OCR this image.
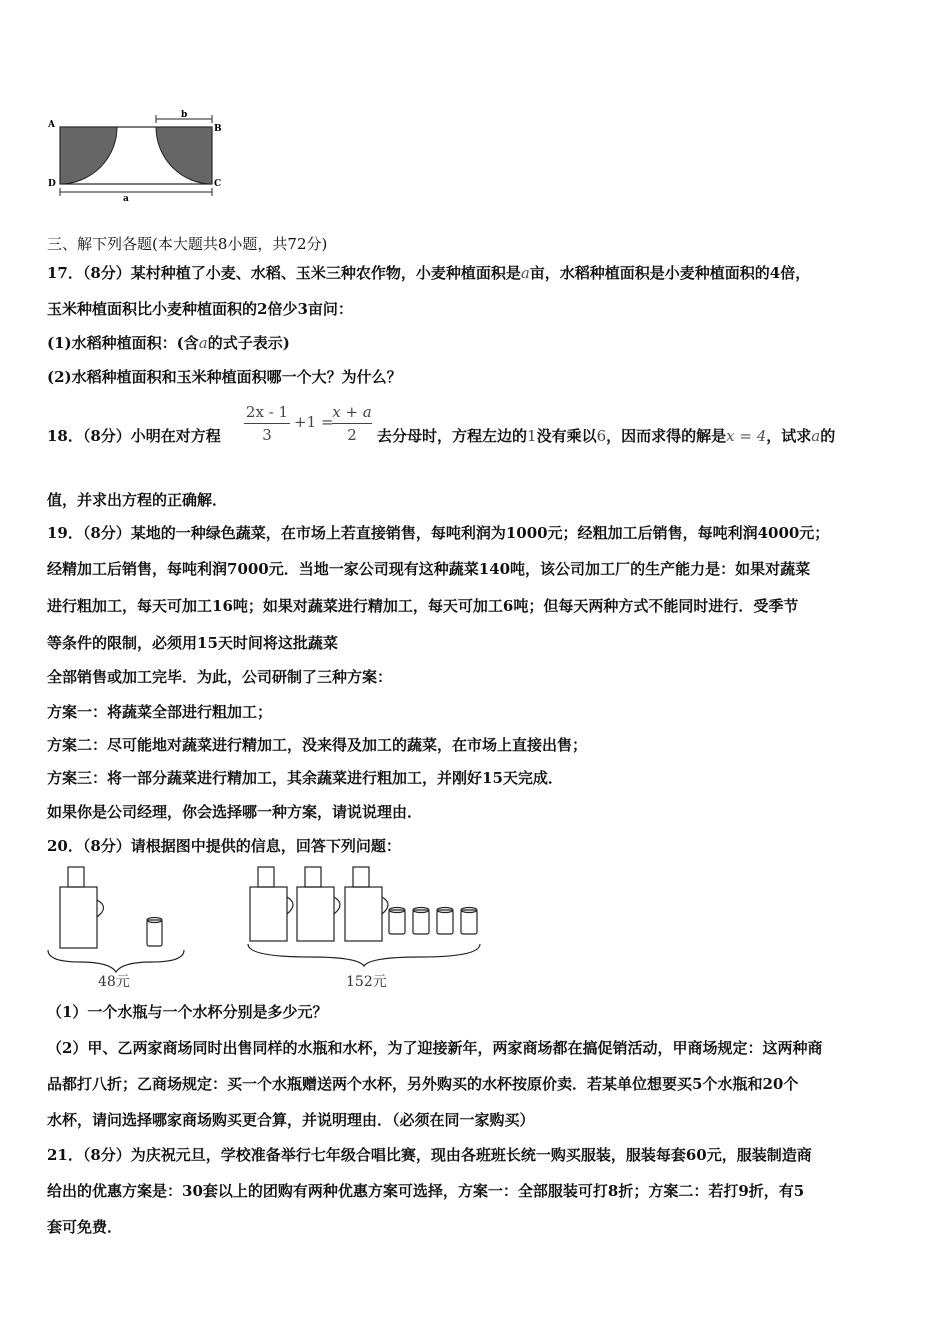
A	B
C
D
b
a
三、解下列各题(本大题共8小题，共72分)
17．（8分）某村种植了小麦、水稻、玉米三种农作物，小麦种植面积是a亩，水稻种植面积是小麦种植面积的4倍，
玉米种植面积比小麦种植面积的2倍少3亩问：
(1)水稻种植面积：(含a的式子表示)
(2)水稻种植面积和玉米种植面积哪一个大？为什么？
18．（8分）小明在对方程
2x - 1
3
+1 =
x + a
2	去分母时，方程左边的1没有乘以6，因而求得的解是x = 4，试求a的
值，并求出方程的正确解．
19．（8分）某地的一种绿色蔬菜，在市场上若直接销售，每吨利润为1000元；经粗加工后销售，每吨利润4000元；
经精加工后销售，每吨利润7000元．当地一家公司现有这种蔬菜140吨，该公司加工厂的生产能力是：如果对蔬菜
进行粗加工，每天可加工16吨；如果对蔬菜进行精加工，每天可加工6吨；但每天两种方式不能同时进行．受季节
等条件的限制，必须用15天时间将这批蔬菜
全部销售或加工完毕．为此，公司研制了三种方案：
方案一：将蔬菜全部进行粗加工；
方案二：尽可能地对蔬菜进行精加工，没来得及加工的蔬菜，在市场上直接出售；
方案三：将一部分蔬菜进行精加工，其余蔬菜进行粗加工，并刚好15天完成．
如果你是公司经理，你会选择哪一种方案，请说说理由．
20．（8分）请根据图中提供的信息，回答下列问题：
48元	152元
（1）一个水瓶与一个水杯分别是多少元？
（2）甲、乙两家商场同时出售同样的水瓶和水杯，为了迎接新年，两家商场都在搞促销活动，甲商场规定：这两种商
品都打八折；乙商场规定：买一个水瓶赠送两个水杯，另外购买的水杯按原价卖．若某单位想要买5个水瓶和20个
水杯，请问选择哪家商场购买更合算，并说明理由．（必须在同一家购买）
21．（8分）为庆祝元旦，学校准备举行七年级合唱比赛，现由各班班长统一购买服装，服装每套60元，服装制造商
给出的优惠方案是：30套以上的团购有两种优惠方案可选择，方案一：全部服装可打8折；方案二：若打9折，有5
套可免费．
